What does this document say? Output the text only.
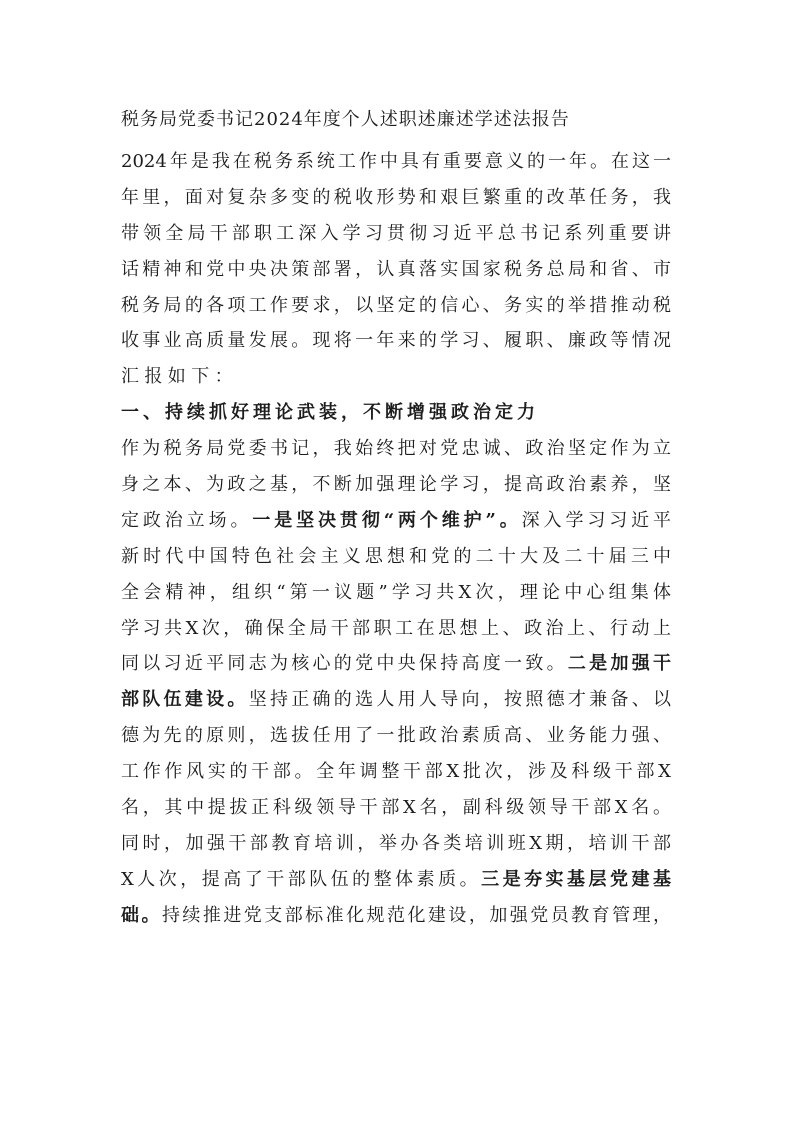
税务局党委书记2024年度个人述职述廉述学述法报告
2024年是我在税务系统工作中具有重要意义的一年。在这一
年里，面对复杂多变的税收形势和艰巨繁重的改革任务，我
带领全局干部职工深入学习贯彻习近平总书记系列重要讲
话精神和党中央决策部署，认真落实国家税务总局和省、市
税务局的各项工作要求，以坚定的信心、务实的举措推动税
收事业高质量发展。现将一年来的学习、履职、廉政等情况
汇报如下：
一、持续抓好理论武装，不断增强政治定力
作为税务局党委书记，我始终把对党忠诚、政治坚定作为立
身之本、为政之基，不断加强理论学习，提高政治素养，坚
定政治立场。一是坚决贯彻“两个维护”。深入学习习近平
新时代中国特色社会主义思想和党的二十大及二十届三中
全会精神，组织“第一议题”学习共X次，理论中心组集体
学习共X次，确保全局干部职工在思想上、政治上、行动上
同以习近平同志为核心的党中央保持高度一致。二是加强干
部队伍建设。坚持正确的选人用人导向，按照德才兼备、以
德为先的原则，选拔任用了一批政治素质高、业务能力强、
工作作风实的干部。全年调整干部X批次，涉及科级干部X
名，其中提拔正科级领导干部X名，副科级领导干部X名。
同时，加强干部教育培训，举办各类培训班X期，培训干部
X人次，提高了干部队伍的整体素质。三是夯实基层党建基
础。持续推进党支部标准化规范化建设，加强党员教育管理，
